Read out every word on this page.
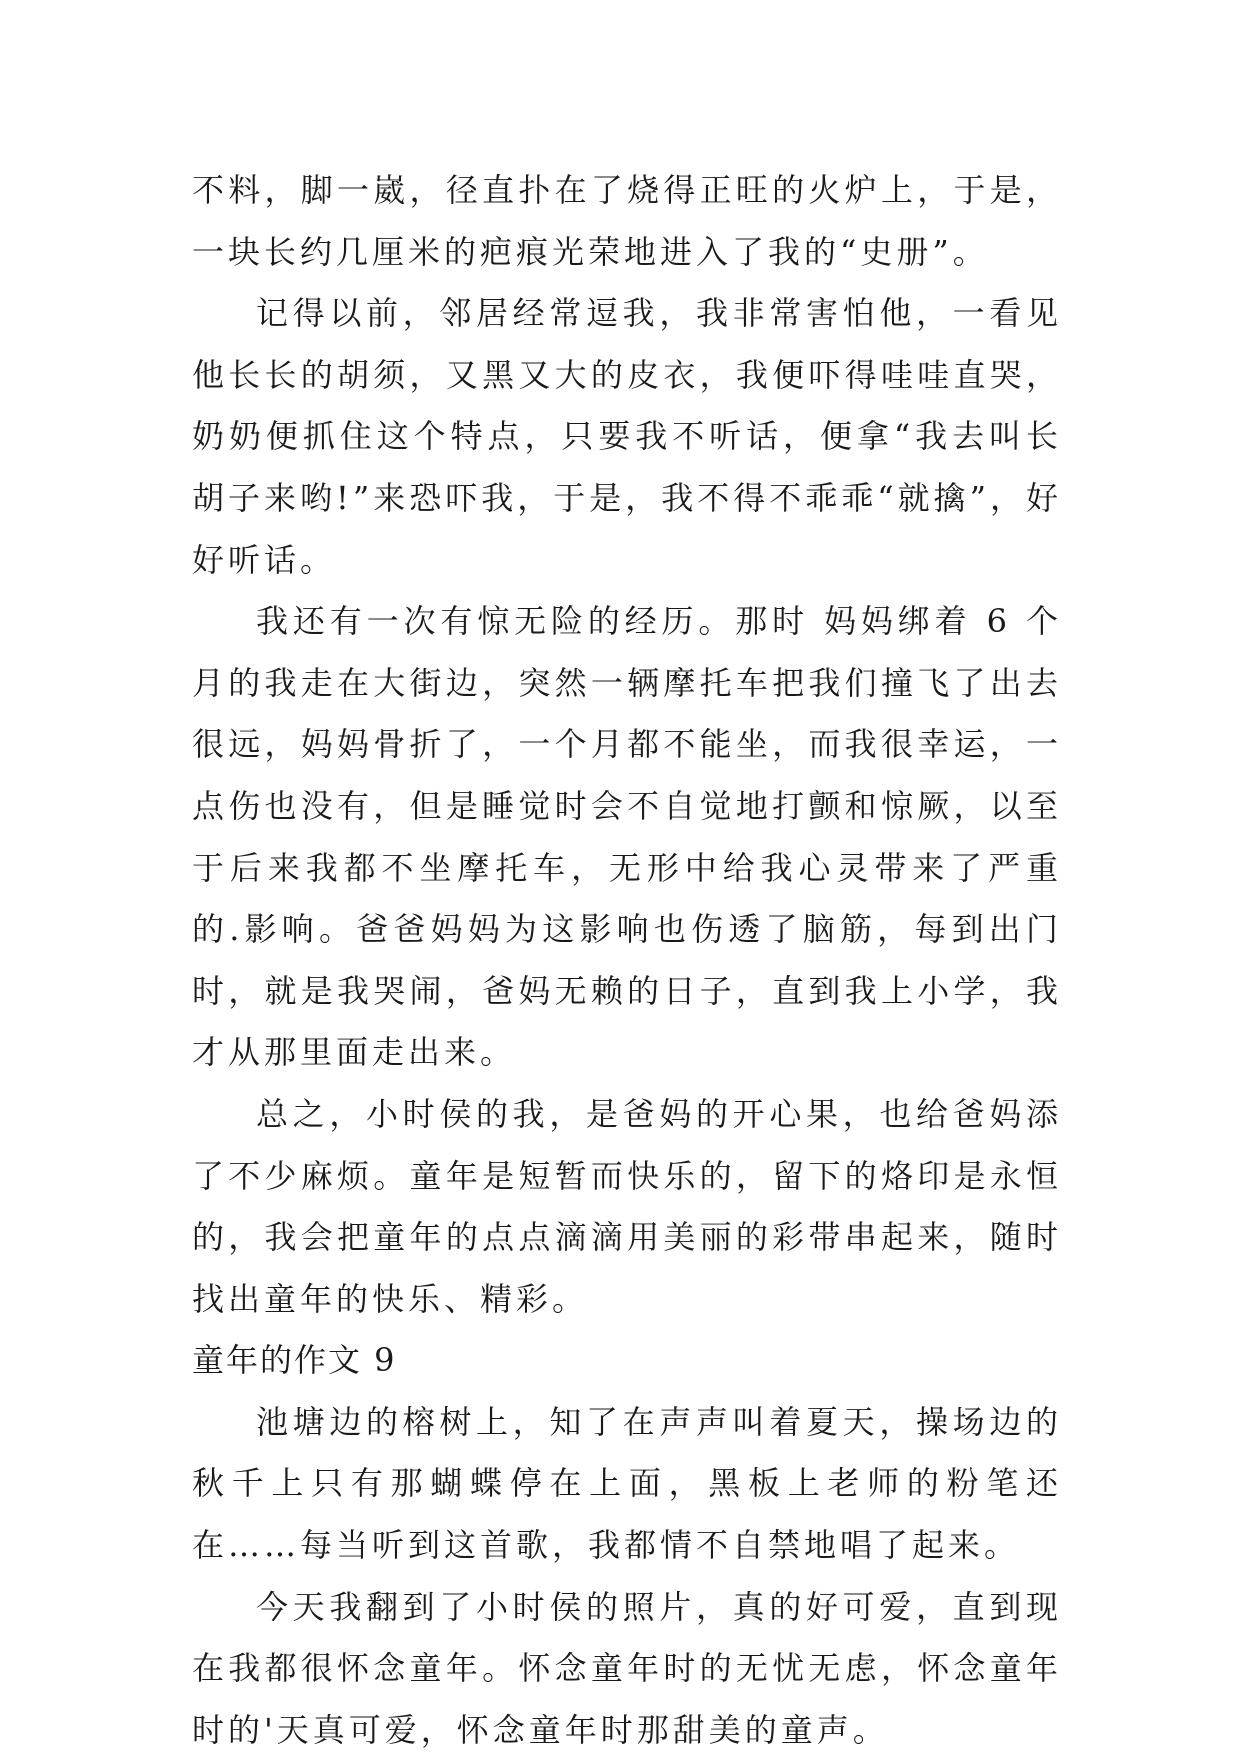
不料，脚一崴，径直扑在了烧得正旺的火炉上，于是，一块长约几厘米的疤痕光荣地进入了我的“史册”。

记得以前，邻居经常逗我，我非常害怕他，一看见他长长的胡须，又黑又大的皮衣，我便吓得哇哇直哭，奶奶便抓住这个特点，只要我不听话，便拿“我去叫长胡子来哟!”来恐吓我，于是，我不得不乖乖“就擒”，好好听话。

我还有一次有惊无险的经历。那时 妈妈绑着 6 个月的我走在大街边，突然一辆摩托车把我们撞飞了出去很远，妈妈骨折了，一个月都不能坐，而我很幸运，一点伤也没有，但是睡觉时会不自觉地打颤和惊厥，以至于后来我都不坐摩托车，无形中给我心灵带来了严重的.影响。爸爸妈妈为这影响也伤透了脑筋，每到出门时，就是我哭闹，爸妈无赖的日子，直到我上小学，我才从那里面走出来。

总之，小时侯的我，是爸妈的开心果，也给爸妈添了不少麻烦。童年是短暂而快乐的，留下的烙印是永恒的，我会把童年的点点滴滴用美丽的彩带串起来，随时找出童年的快乐、精彩。

童年的作文 9

池塘边的榕树上，知了在声声叫着夏天，操场边的秋千上只有那蝴蝶停在上面，黑板上老师的粉笔还在……每当听到这首歌，我都情不自禁地唱了起来。

今天我翻到了小时侯的照片，真的好可爱，直到现在我都很怀念童年。怀念童年时的无忧无虑，怀念童年时的'天真可爱，怀念童年时那甜美的童声。
